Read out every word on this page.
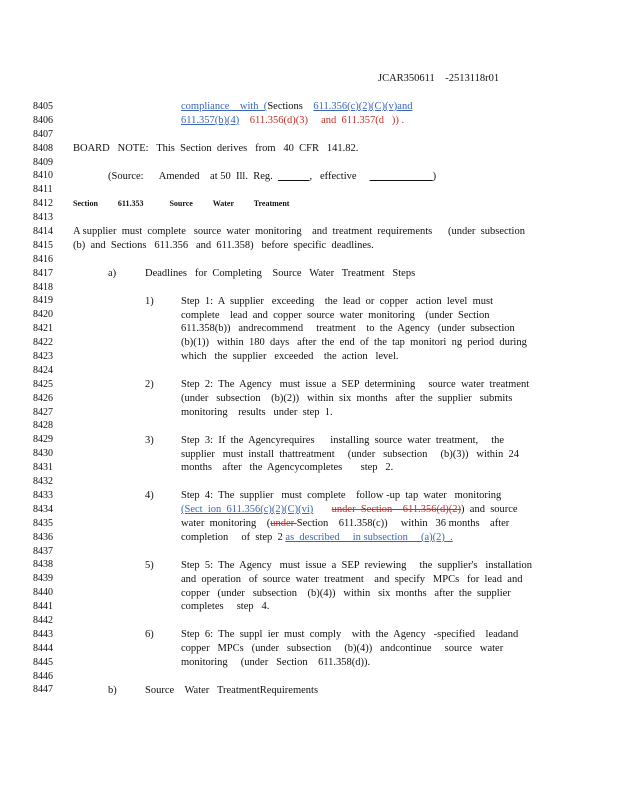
JCAR350611    -2513118r01
8405
8406
8407
8408
8409
8410
8411
8412
8413
8414
8415
8416
8417
8418
8419
8420
8421
8422
8423
8424
8425
8426
8427
8428
8429
8430
8431
8432
8433
8434
8435
8436
8437
8438
8439
8440
8441
8442
8443
8444
8445
8446
8447
compliance    with  (Sections    611.356(c)(2)(C)(v)and
611.357(b)(4)    611.356(d)(3)     and  611.357(d   )) .
BOARD   NOTE:   This  Section  derives   from   40  CFR   141.82.
(Source:      Amended    at 50  Ill.  Reg.  ______,   effective     ____________)
Section          611.353             Source          Water          Treatment
A supplier  must  complete   source  water  monitoring    and  treatment  requirements      (under  subsection
(b)  and  Sections   611.356   and  611.358)   before  specific  deadlines.
a)	Deadlines   for  Completing    Source   Water   Treatment   Steps
1)	Step  1:  A  supplier   exceeding    the  lead  or  copper   action  level  must
complete    lead  and  copper  source  water  monitoring    (under  Section
611.358(b))   andrecommend     treatment    to  the  Agency   (under  subsection
(b)(1))   within  180  days   after  the  end  of  the  tap  monitori  ng  period  during
which   the  supplier   exceeded    the  action   level.
2)	Step  2:  The  Agency   must  issue  a  SEP  determining     source  water  treatment
(under   subsection    (b)(2))   within  six  months   after  the  supplier   submits
monitoring    results   under  step  1.
3)	Step  3:  If  the  Agencyrequires      installing  source  water  treatment,     the
supplier   must  install  thattreatment     (under   subsection     (b)(3))   within  24
months    after   the  Agencycompletes       step   2.
4)	Step  4:  The  supplier   must  complete    follow -up  tap  water   monitoring
(Sect  ion  611.356(c)(2)(C)(vi) under  Section    611.356(d)(2))  and  source
water  monitoring    (under Section    611.358(c))     within   36 months    after
completion     of  step  2 as  described     in subsection     (a)(2)  .
5)	Step  5:  The  Agency   must  issue  a  SEP  reviewing     the  supplier's   installation
and  operation   of  source  water  treatment    and  specify   MPCs   for  lead  and
copper   (under   subsection    (b)(4))   within   six  months   after  the  supplier
completes     step   4.
6)	Step  6:  The  suppl  ier  must  comply    with  the  Agency   -specified    leadand
copper   MPCs   (under   subsection     (b)(4))   andcontinue     source   water
monitoring     (under   Section    611.358(d)).
b)	Source    Water   TreatmentRequirements
